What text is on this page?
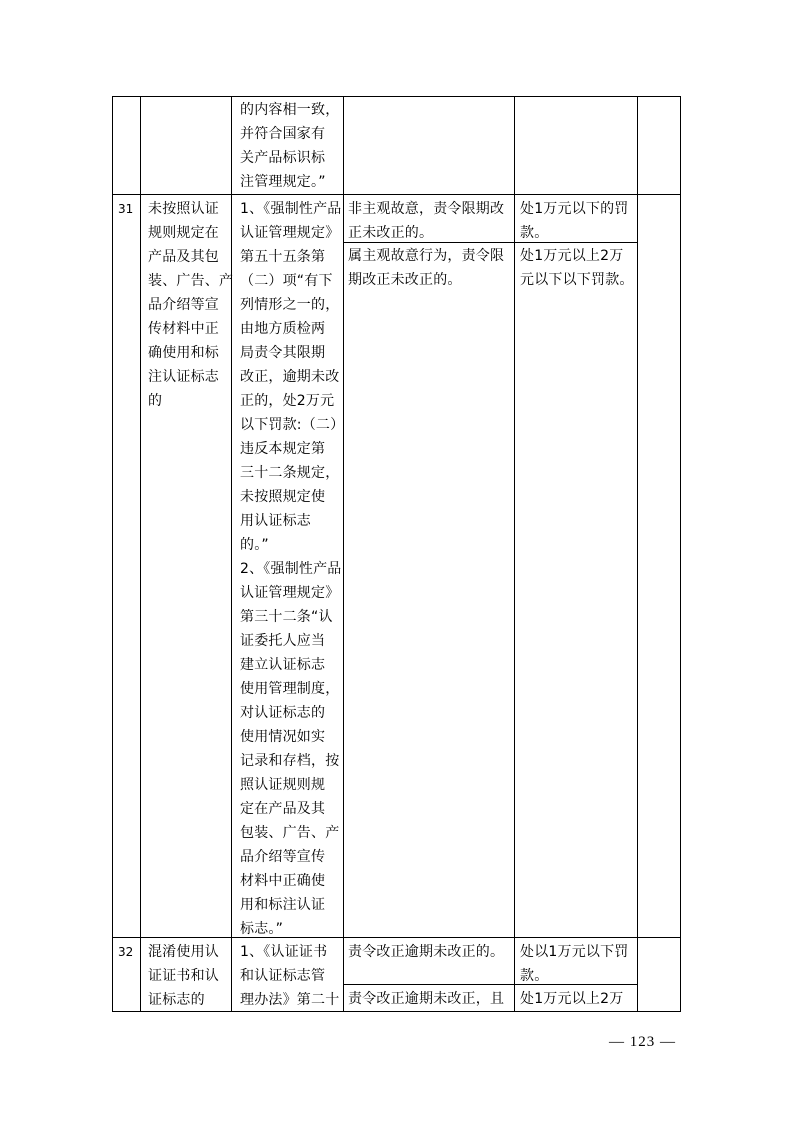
的内容相一致，
并符合国家有
关产品标识标
注管理规定。”
31 未按照认证
规则规定在
产品及其包
装、广告、产
品介绍等宣
传材料中正
确使用和标
注认证标志
的
1、《强制性产品
认证管理规定》
第五十五条第
（二）项“有下
列情形之一的，
由地方质检两
局责令其限期
改正，逾期未改
正的，处2万元
以下罚款:（二）
违反本规定第
三十二条规定，
未按照规定使
用认证标志
的。”
2、《强制性产品
认证管理规定》
第三十二条“认
证委托人应当
建立认证标志
使用管理制度，
对认证标志的
使用情况如实
记录和存档，按
照认证规则规
定在产品及其
包装、广告、产
品介绍等宣传
材料中正确使
用和标注认证
标志。”
非主观故意，责令限期改
正未改正的。
处1万元以下的罚
款。
属主观故意行为，责令限
期改正未改正的。
处1万元以上2万
元以下以下罚款。
32 混淆使用认
证证书和认
证标志的
1、《认证证书
和认证标志管
理办法》第二十
责令改正逾期未改正的。 处以1万元以下罚
款。
责令改正逾期未改正，且 处1万元以上2万
— 123 —
